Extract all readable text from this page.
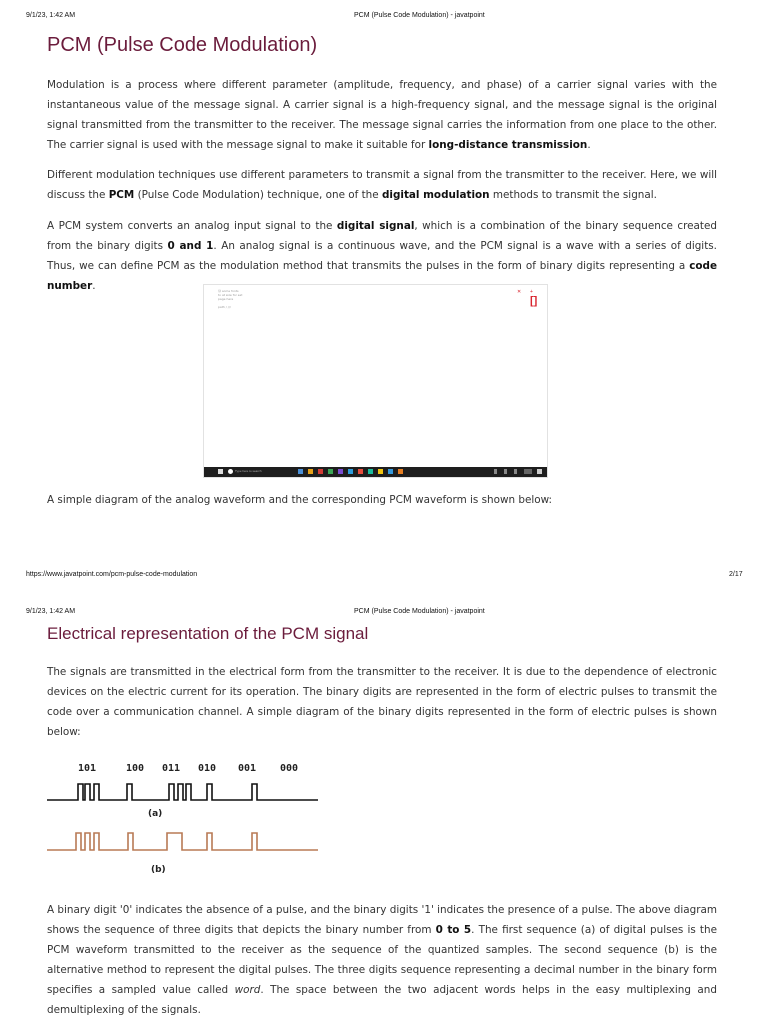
9/1/23, 1:42 AM	PCM (Pulse Code Modulation) - javatpoint
PCM (Pulse Code Modulation)

Modulation is a process where different parameter (amplitude, frequency, and phase) of a carrier signal varies with the instantaneous value of the message signal. A carrier signal is a high-frequency signal, and the message signal is the original signal transmitted from the transmitter to the receiver. The message signal carries the information from one place to the other. The carrier signal is used with the message signal to make it suitable for long-distance transmission.

Different modulation techniques use different parameters to transmit a signal from the transmitter to the receiver. Here, we will discuss the PCM (Pulse Code Modulation) technique, one of the digital modulation methods to transmit the signal.

A PCM system converts an analog input signal to the digital signal, which is a combination of the binary sequence created from the binary digits 0 and 1. An analog signal is a continuous wave, and the PCM signal is a wave with a series of digits. Thus, we can define PCM as the modulation method that transmits the pulses in the form of binary digits representing a code number.	Ⓜ some fonts
to at size for set
page here
path / ///
✕ +
[]
Type here to search

A simple diagram of the analog waveform and the corresponding PCM waveform is shown below:

https://www.javatpoint.com/pcm-pulse-code-modulation	2/17
9/1/23, 1:42 AM	PCM (Pulse Code Modulation) - javatpoint
Electrical representation of the PCM signal

The signals are transmitted in the electrical form from the transmitter to the receiver. It is due to the dependence of electronic devices on the electric current for its operation. The binary digits are represented in the form of electric pulses to transmit the code over a communication channel. A simple diagram of the binary digits represented in the form of electric pulses is shown below:

101	100 011 010 001 000
(a)
(b)

A binary digit '0' indicates the absence of a pulse, and the binary digits '1' indicates the presence of a pulse. The above diagram shows the sequence of three digits that depicts the binary number from 0 to 5. The first sequence (a) of digital pulses is the PCM waveform transmitted to the receiver as the sequence of the quantized samples. The second sequence (b) is the alternative method to represent the digital pulses. The three digits sequence representing a decimal number in the binary form specifies a sampled value called word. The space between the two adjacent words helps in the easy multiplexing and demultiplexing of the signals.
